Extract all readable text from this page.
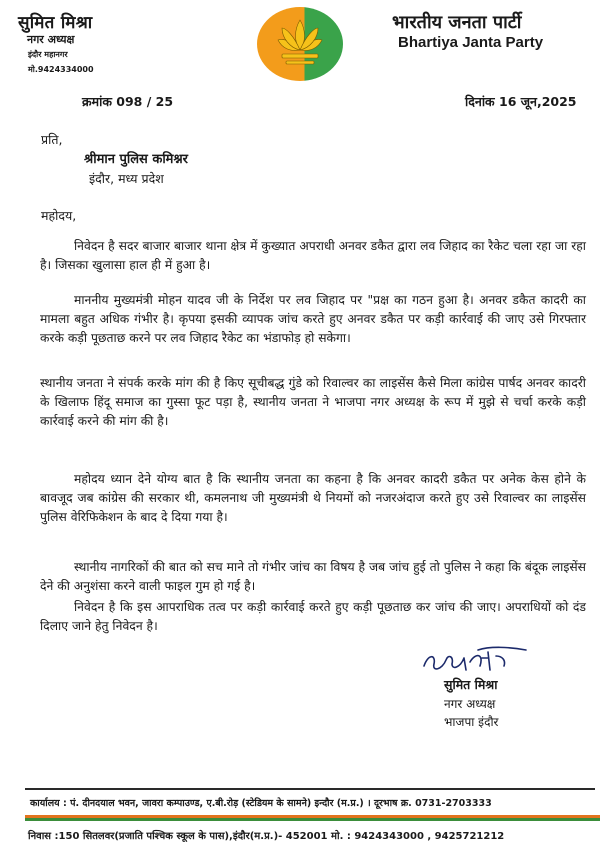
सुमित मिश्रा
नगर अध्यक्ष
इंदौर महानगर
मो.9424334000
भारतीय जनता पार्टी
Bhartiya Janta Party
क्रमांक 098 / 25	दिनांक 16 जून,2025
प्रति,
श्रीमान पुलिस कमिश्नर
इंदौर, मध्य प्रदेश
महोदय,
निवेदन है सदर बाजार बाजार थाना क्षेत्र में कुख्यात अपराधी अनवर डकैत द्वारा लव जिहाद का रैकेट चला रहा जा रहा है। जिसका खुलासा हाल ही में हुआ है।
माननीय मुख्यमंत्री मोहन यादव जी के निर्देश पर लव जिहाद पर "प्रक्ष का गठन हुआ है। अनवर डकैत कादरी का मामला बहुत अधिक गंभीर है। कृपया इसकी व्यापक जांच करते हुए अनवर डकैत पर कड़ी कार्रवाई की जाए उसे गिरफ्तार करके कड़ी पूछताछ करने पर लव जिहाद रैकेट का भंडाफोड़ हो सकेगा।
स्थानीय जनता ने संपर्क करके मांग की है किए सूचीबद्ध गुंडे को रिवाल्वर का लाइसेंस कैसे मिला कांग्रेस पार्षद अनवर कादरी के खिलाफ हिंदू समाज का गुस्सा फूट पड़ा है, स्थानीय जनता ने भाजपा नगर अध्यक्ष के रूप में मुझे से चर्चा करके कड़ी कार्रवाई करने की मांग की है।
महोदय ध्यान देने योग्य बात है कि स्थानीय जनता का कहना है कि अनवर कादरी डकैत पर अनेक केस होने के बावजूद जब कांग्रेस की सरकार थी, कमलनाथ जी मुख्यमंत्री थे नियमों को नजरअंदाज करते हुए उसे रिवाल्वर का लाइसेंस पुलिस वेरिफिकेशन के बाद दे दिया गया है।
स्थानीय नागरिकों की बात को सच माने तो गंभीर जांच का विषय है जब जांच हुई तो पुलिस ने कहा कि बंदूक लाइसेंस देने की अनुशंसा करने वाली फाइल गुम हो गई है।
निवेदन है कि इस आपराधिक तत्व पर कड़ी कार्रवाई करते हुए कड़ी पूछताछ कर जांच की जाए। अपराधियों को दंड दिलाए जाने हेतु निवेदन है।
सुमित मिश्रा
नगर अध्यक्ष
भाजपा इंदौर
कार्यालय : पं. दीनदयाल भवन, जावरा कम्पाउण्ड, ए.बी.रोड़ (स्टेडियम के सामने) इन्दौर (म.प्र.) । दूरभाष क्र. 0731-2703333
निवास :150 सितलवर(प्रजाति पश्चिक स्कूल के पास),इंदौर(म.प्र.)- 452001 मो. : 9424343000 , 9425721212
